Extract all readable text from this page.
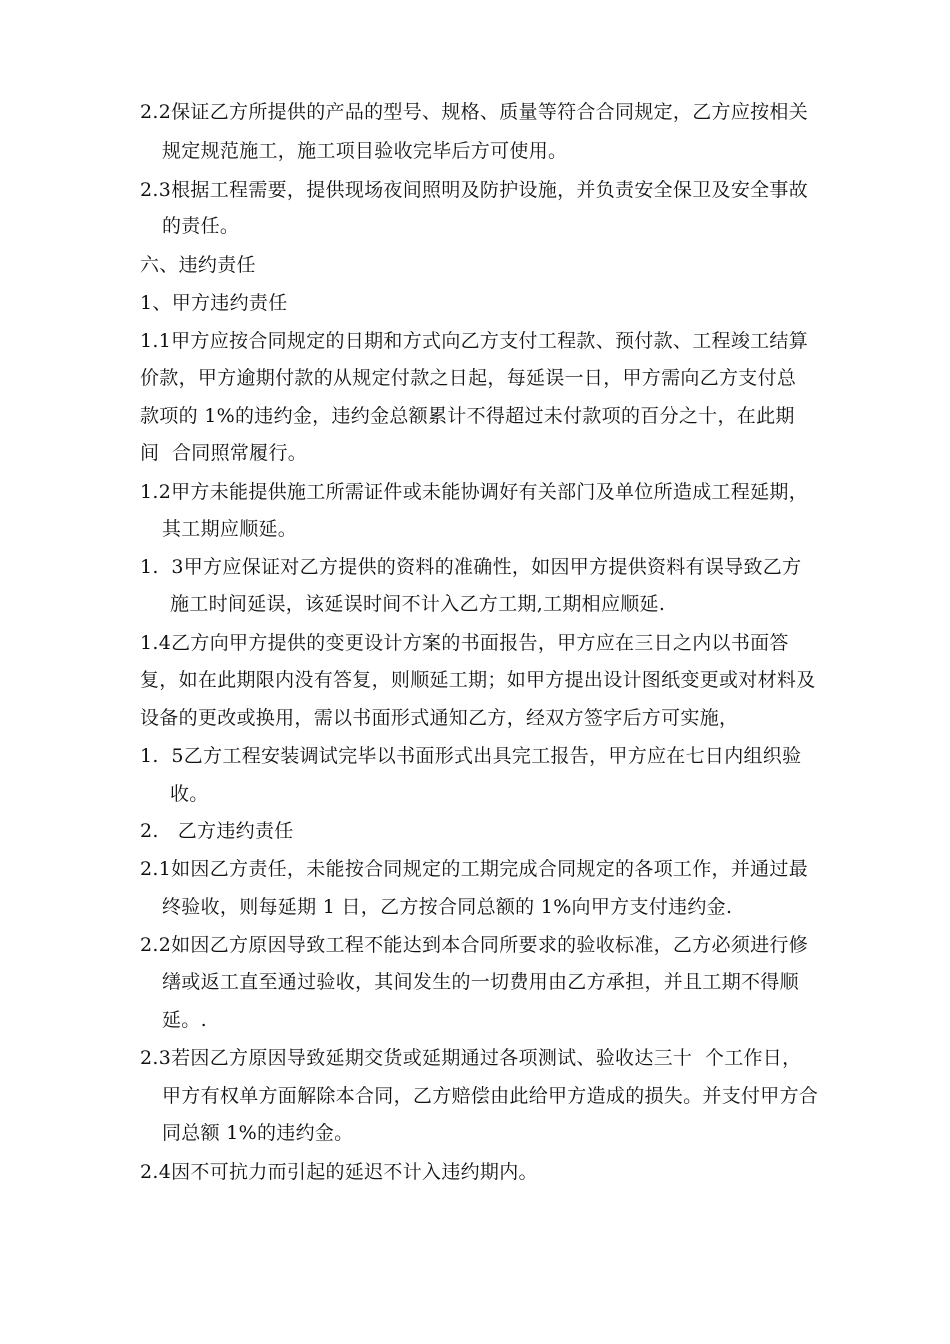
2.2保证乙方所提供的产品的型号、规格、质量等符合合同规定，乙方应按相关
规定规范施工，施工项目验收完毕后方可使用。
2.3根据工程需要，提供现场夜间照明及防护设施，并负责安全保卫及安全事故
的责任。
六、违约责任
1、甲方违约责任
1.1甲方应按合同规定的日期和方式向乙方支付工程款、预付款、工程竣工结算
价款，甲方逾期付款的从规定付款之日起，每延误一日，甲方需向乙方支付总
款项的 1%的违约金，违约金总额累计不得超过未付款项的百分之十，在此期
间  合同照常履行。
1.2甲方未能提供施工所需证件或未能协调好有关部门及单位所造成工程延期，
其工期应顺延。
1.  3甲方应保证对乙方提供的资料的准确性，如因甲方提供资料有误导致乙方
施工时间延误，该延误时间不计入乙方工期,工期相应顺延.
1.4乙方向甲方提供的变更设计方案的书面报告，甲方应在三日之内以书面答
复，如在此期限内没有答复，则顺延工期；如甲方提出设计图纸变更或对材料及
设备的更改或换用，需以书面形式通知乙方，经双方签字后方可实施，
1.  5乙方工程安装调试完毕以书面形式出具完工报告，甲方应在七日内组织验
收。
2.   乙方违约责任
2.1如因乙方责任，未能按合同规定的工期完成合同规定的各项工作，并通过最
终验收，则每延期 1 日，乙方按合同总额的 1%向甲方支付违约金.
2.2如因乙方原因导致工程不能达到本合同所要求的验收标准，乙方必须进行修
缮或返工直至通过验收，其间发生的一切费用由乙方承担，并且工期不得顺
延。.
2.3若因乙方原因导致延期交货或延期通过各项测试、验收达三十  个工作日，
甲方有权单方面解除本合同，乙方赔偿由此给甲方造成的损失。并支付甲方合
同总额 1%的违约金。
2.4因不可抗力而引起的延迟不计入违约期内。
